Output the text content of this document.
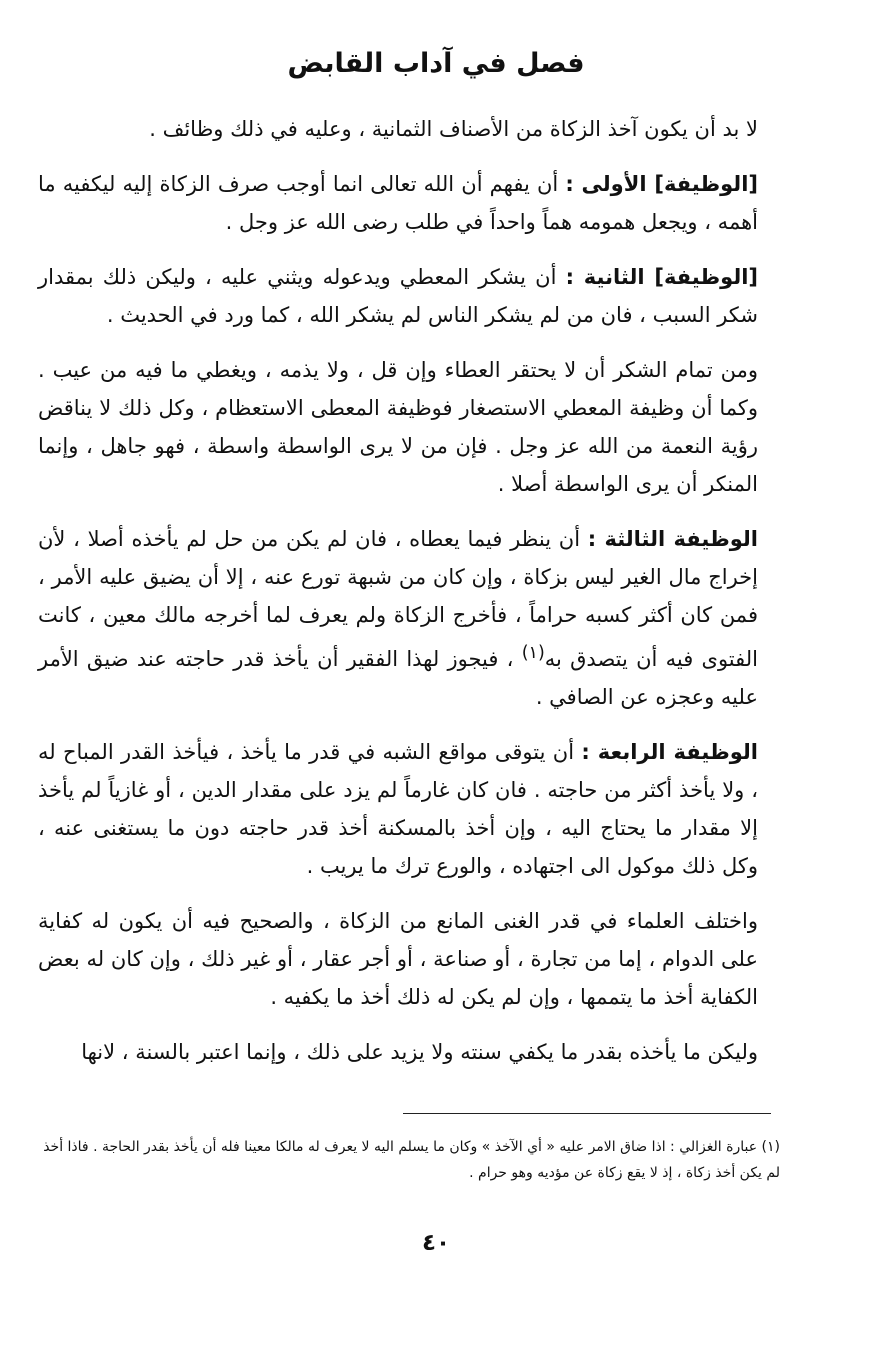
فصل في آداب القابض

لا بد أن يكون آخذ الزكاة من الأصناف الثمانية ، وعليه في ذلك وظائف .

[الوظيفة] الأولى : أن يفهم أن الله تعالى انما أوجب صرف الزكاة إليه ليكفيه ما أهمه ، ويجعل همومه هماً واحداً في طلب رضى الله عز وجل .

[الوظيفة] الثانية : أن يشكر المعطي ويدعوله ويثني عليه ، وليكن ذلك بمقدار شكر السبب ، فان من لم يشكر الناس لم يشكر الله ، كما ورد في الحديث .

ومن تمام الشكر أن لا يحتقر العطاء وإن قل ، ولا يذمه ، ويغطي ما فيه من عيب . وكما أن وظيفة المعطي الاستصغار فوظيفة المعطى الاستعظام ، وكل ذلك لا يناقض رؤية النعمة من الله عز وجل . فإن من لا يرى الواسطة واسطة ، فهو جاهل ، وإنما المنكر أن يرى الواسطة أصلا .

الوظيفة الثالثة : أن ينظر فيما يعطاه ، فان لم يكن من حل لم يأخذه أصلا ، لأن إخراج مال الغير ليس بزكاة ، وإن كان من شبهة تورع عنه ، إلا أن يضيق عليه الأمر ، فمن كان أكثر كسبه حراماً ، فأخرج الزكاة ولم يعرف لما أخرجه مالك معين ، كانت الفتوى فيه أن يتصدق به$^{(١)}$ ، فيجوز لهذا الفقير أن يأخذ قدر حاجته عند ضيق الأمر عليه وعجزه عن الصافي .

الوظيفة الرابعة : أن يتوقى مواقع الشبه في قدر ما يأخذ ، فيأخذ القدر المباح له ، ولا يأخذ أكثر من حاجته . فان كان غارماً لم يزد على مقدار الدين ، أو غازياً لم يأخذ إلا مقدار ما يحتاج اليه ، وإن أخذ بالمسكنة أخذ قدر حاجته دون ما يستغنى عنه ، وكل ذلك موكول الى اجتهاده ، والورع ترك ما يريب .

واختلف العلماء في قدر الغنى المانع من الزكاة ، والصحيح فيه أن يكون له كفاية على الدوام ، إما من تجارة ، أو صناعة ، أو أجر عقار ، أو غير ذلك ، وإن كان له بعض الكفاية أخذ ما يتممها ، وإن لم يكن له ذلك أخذ ما يكفيه .

وليكن ما يأخذه بقدر ما يكفي سنته ولا يزيد على ذلك ، وإنما اعتبر بالسنة ، لانها

(١) عبارة الغزالي : اذا ضاق الامر عليه « أي الآخذ » وكان ما يسلم اليه لا يعرف له مالكا معينا فله أن يأخذ بقدر الحاجة . فاذا أخذ لم يكن أخذ زكاة ، إذ لا يقع زكاة عن مؤديه وهو حرام .
٤٠
